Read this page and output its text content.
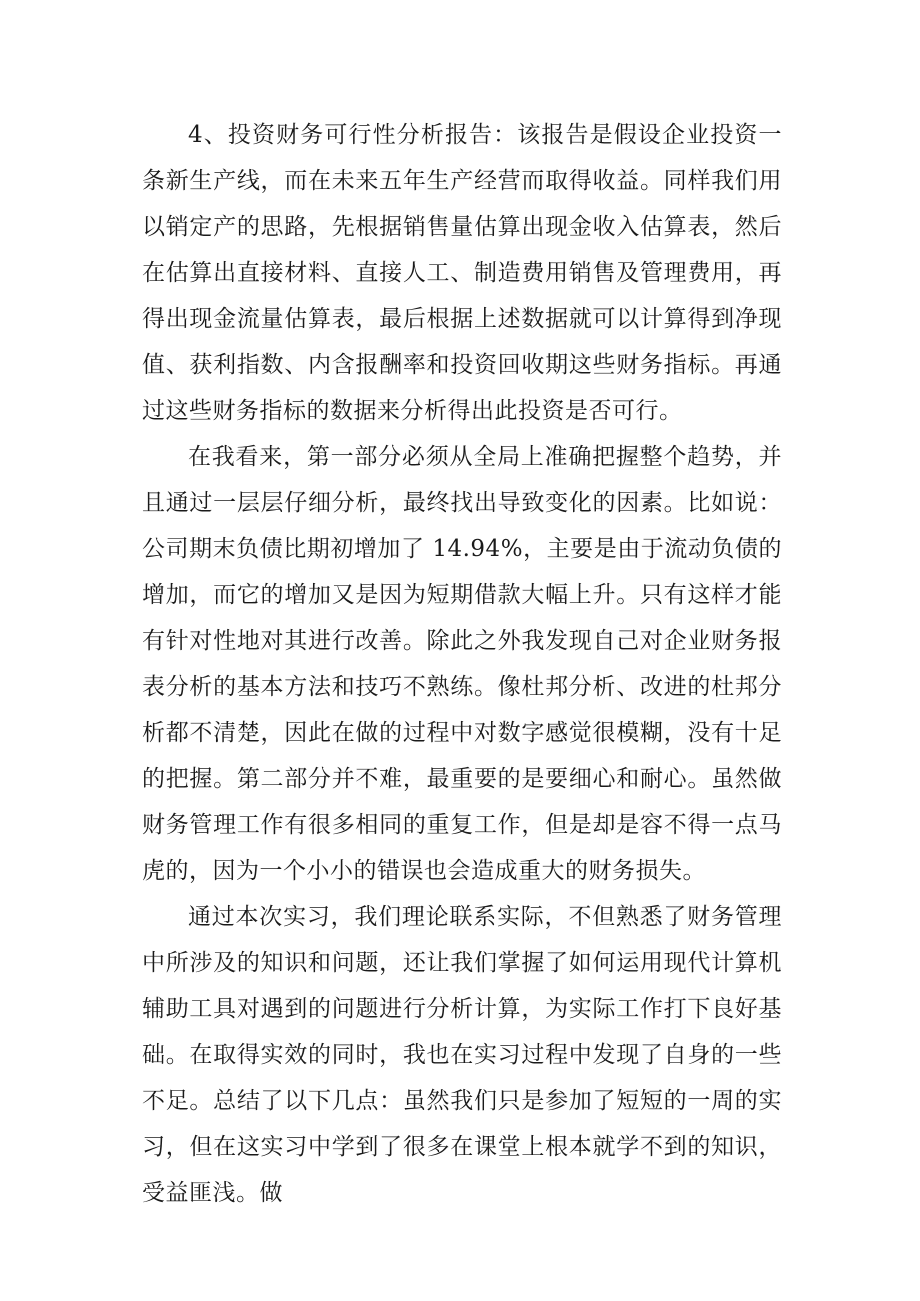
4、投资财务可行性分析报告：该报告是假设企业投资一条新生产线，而在未来五年生产经营而取得收益。同样我们用以销定产的思路，先根据销售量估算出现金收入估算表，然后在估算出直接材料、直接人工、制造费用销售及管理费用，再得出现金流量估算表，最后根据上述数据就可以计算得到净现值、获利指数、内含报酬率和投资回收期这些财务指标。再通过这些财务指标的数据来分析得出此投资是否可行。

在我看来，第一部分必须从全局上准确把握整个趋势，并且通过一层层仔细分析，最终找出导致变化的因素。比如说：公司期末负债比期初增加了 14.94%，主要是由于流动负债的增加，而它的增加又是因为短期借款大幅上升。只有这样才能有针对性地对其进行改善。除此之外我发现自己对企业财务报表分析的基本方法和技巧不熟练。像杜邦分析、改进的杜邦分析都不清楚，因此在做的过程中对数字感觉很模糊，没有十足的把握。第二部分并不难，最重要的是要细心和耐心。虽然做财务管理工作有很多相同的重复工作，但是却是容不得一点马虎的，因为一个小小的错误也会造成重大的财务损失。

通过本次实习，我们理论联系实际，不但熟悉了财务管理中所涉及的知识和问题，还让我们掌握了如何运用现代计算机辅助工具对遇到的问题进行分析计算，为实际工作打下良好基础。在取得实效的同时，我也在实习过程中发现了自身的一些不足。总结了以下几点：虽然我们只是参加了短短的一周的实习，但在这实习中学到了很多在课堂上根本就学不到的知识，受益匪浅。做
